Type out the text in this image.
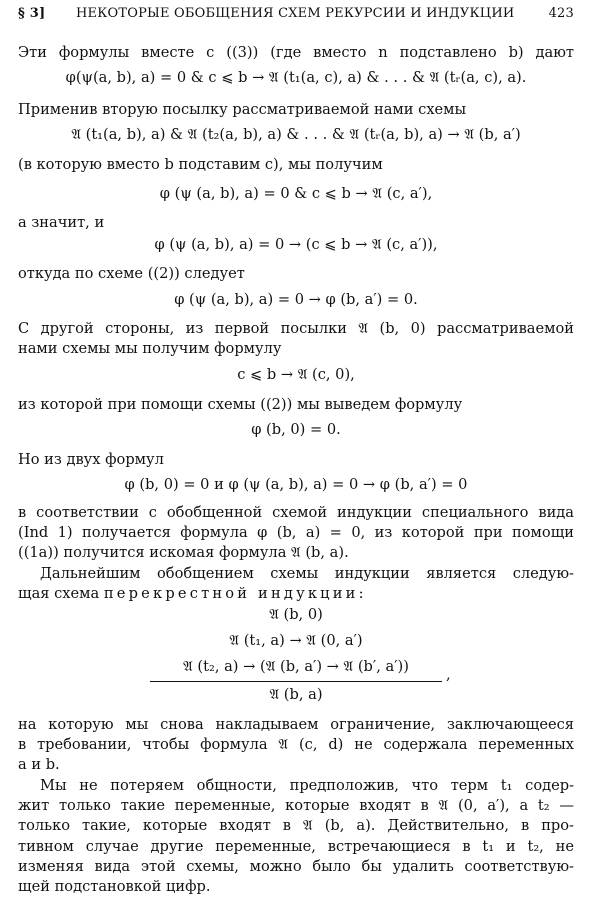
§ 3] НЕКОТОРЫЕ ОБОБЩЕНИЯ СХЕМ РЕКУРСИИ И ИНДУКЦИИ	423
Эти формулы вместе с ((3)) (где вместо n подставлено b) дают
φ(ψ(a, b), a) = 0 & c ⩽ b → 𝔄 (t₁(a, c), a) & . . . & 𝔄 (tᵣ(a, c), a).
Применив вторую посылку рассматриваемой нами схемы
𝔄 (t₁(a, b), a) & 𝔄 (t₂(a, b), a) & . . . & 𝔄 (tᵣ(a, b), a) → 𝔄 (b, a′)
(в которую вместо b подставим c), мы получим
φ (ψ (a, b), a) = 0 & c ⩽ b → 𝔄 (c, a′),
а значит, и
φ (ψ (a, b), a) = 0 → (c ⩽ b → 𝔄 (c, a′)),
откуда по схеме ((2)) следует
φ (ψ (a, b), a) = 0 → φ (b, a′) = 0.
С другой стороны, из первой посылки 𝔄 (b, 0) рассматриваемой
нами схемы мы получим формулу
c ⩽ b → 𝔄 (c, 0),
из которой при помощи схемы ((2)) мы выведем формулу
φ (b, 0) = 0.
Но из двух формул
φ (b, 0) = 0 и φ (ψ (a, b), a) = 0 → φ (b, a′) = 0
в соответствии с обобщенной схемой индукции специального вида
(Ind 1) получается формула φ (b, a) = 0, из которой при помощи
((1a)) получится искомая формула 𝔄 (b, a).
Дальнейшим обобщением схемы индукции является следую-
щая схема перекрестной индукции:
𝔄 (b, 0)
𝔄 (t₁, a) → 𝔄 (0, a′)
𝔄 (t₂, a) → (𝔄 (b, a′) → 𝔄 (b′, a′))	,
𝔄 (b, a)
на которую мы снова накладываем ограничение, заключающееся
в требовании, чтобы формула 𝔄 (c, d) не содержала переменных
a и b.
Мы не потеряем общности, предположив, что терм t₁ содер-
жит только такие переменные, которые входят в 𝔄 (0, a′), а t₂ —
только такие, которые входят в 𝔄 (b, a). Действительно, в про-
тивном случае другие переменные, встречающиеся в t₁ и t₂, не
изменяя вида этой схемы, можно было бы удалить соответствую-
щей подстановкой цифр.
